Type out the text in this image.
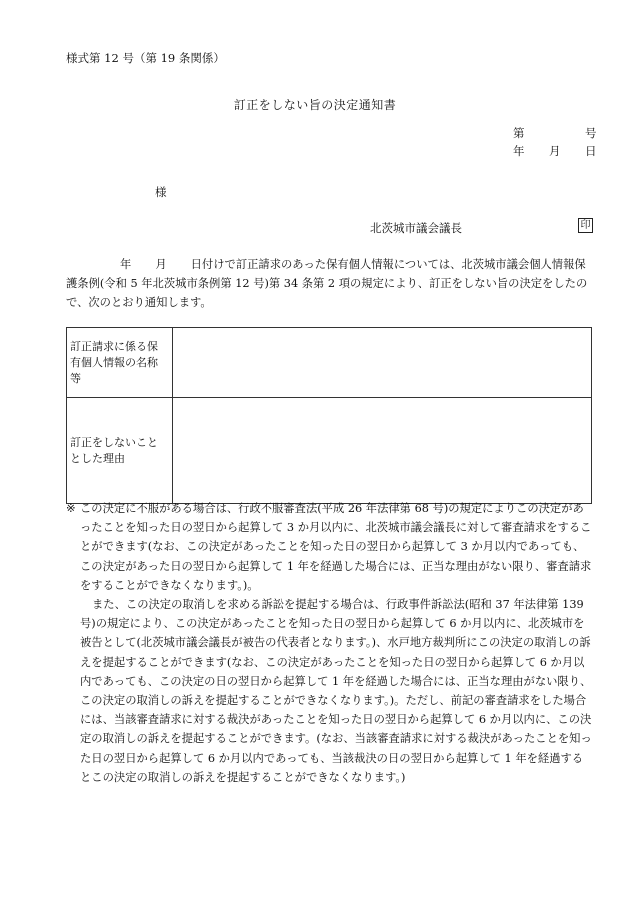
様式第 12 号（第 19 条関係）
訂正をしない旨の決定通知書
第	号
年 月 日
様
北茨城市議会議長	印
年 月 日付けで訂正請求のあった保有個人情報については、北茨城市議会個人情報保護条例(令和 5 年北茨城市条例第 12 号)第 34 条第 2 項の規定により、訂正をしない旨の決定をしたので、次のとおり通知します。
訂正請求に係る保有個人情報の名称等	
訂正をしないこととした理由	

※ この決定に不服がある場合は、行政不服審査法(平成 26 年法律第 68 号)の規定によりこの決定があったことを知った日の翌日から起算して 3 か月以内に、北茨城市議会議長に対して審査請求をすることができます(なお、この決定があったことを知った日の翌日から起算して 3 か月以内であっても、この決定があった日の翌日から起算して 1 年を経過した場合には、正当な理由がない限り、審査請求をすることができなくなります。)。

また、この決定の取消しを求める訴訟を提起する場合は、行政事件訴訟法(昭和 37 年法律第 139 号)の規定により、この決定があったことを知った日の翌日から起算して 6 か月以内に、北茨城市を被告として(北茨城市議会議長が被告の代表者となります。)、水戸地方裁判所にこの決定の取消しの訴えを提起することができます(なお、この決定があったことを知った日の翌日から起算して 6 か月以内であっても、この決定の日の翌日から起算して 1 年を経過した場合には、正当な理由がない限り、この決定の取消しの訴えを提起することができなくなります。)。ただし、前記の審査請求をした場合には、当該審査請求に対する裁決があったことを知った日の翌日から起算して 6 か月以内に、この決定の取消しの訴えを提起することができます。(なお、当該審査請求に対する裁決があったことを知った日の翌日から起算して 6 か月以内であっても、当該裁決の日の翌日から起算して 1 年を経過するとこの決定の取消しの訴えを提起することができなくなります。)
